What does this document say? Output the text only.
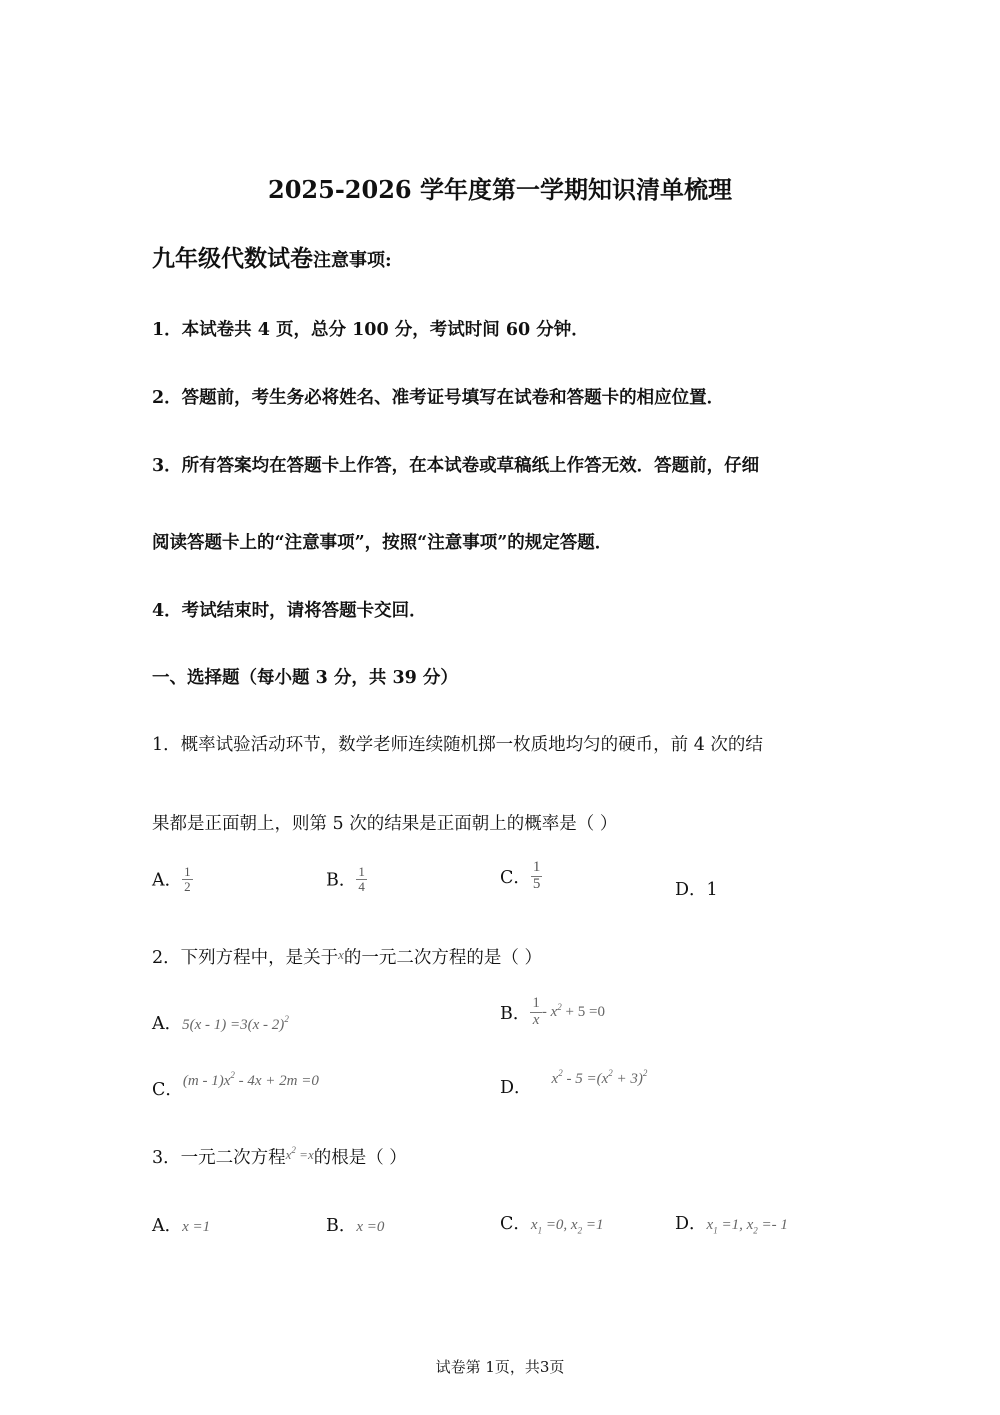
2025-2026 学年度第一学期知识清单梳理
九年级代数试卷注意事项:
1．本试卷共 4 页，总分 100 分，考试时间 60 分钟．
2．答题前，考生务必将姓名、准考证号填写在试卷和答题卡的相应位置．
3．所有答案均在答题卡上作答，在本试卷或草稿纸上作答无效．答题前，仔细
阅读答题卡上的“注意事项”，按照“注意事项”的规定答题．
4．考试结束时，请将答题卡交回．
一、选择题（每小题 3 分，共 39 分）
1．概率试验活动环节，数学老师连续随机掷一枚质地均匀的硬币，前 4 次的结
果都是正面朝上，则第 5 次的结果是正面朝上的概率是（ ）
A． $\frac{1}{2}$	B． $\frac{1}{4}$	C． $\frac{1}{5}$	D．1
2．下列方程中，是关于$^x$的一元二次方程的是（ ）
A．5(x - 1) =3(x - 2)$^2$	B． $\frac{1}{x} - x^2 + 5 =0$
C．$(m - 1)x^2 - 4x + 2m =0$	D． $x^2 - 5 =(x^2 + 3)^2$
3．一元二次方程$^{x2}$ $^{=x}$的根是（ ）
A．x =1	B．x =0	C．$x_1 =0$, $x_2 =1$	D．$x_1 =1$, $x_2 =- 1$
试卷第 1页，共3页
